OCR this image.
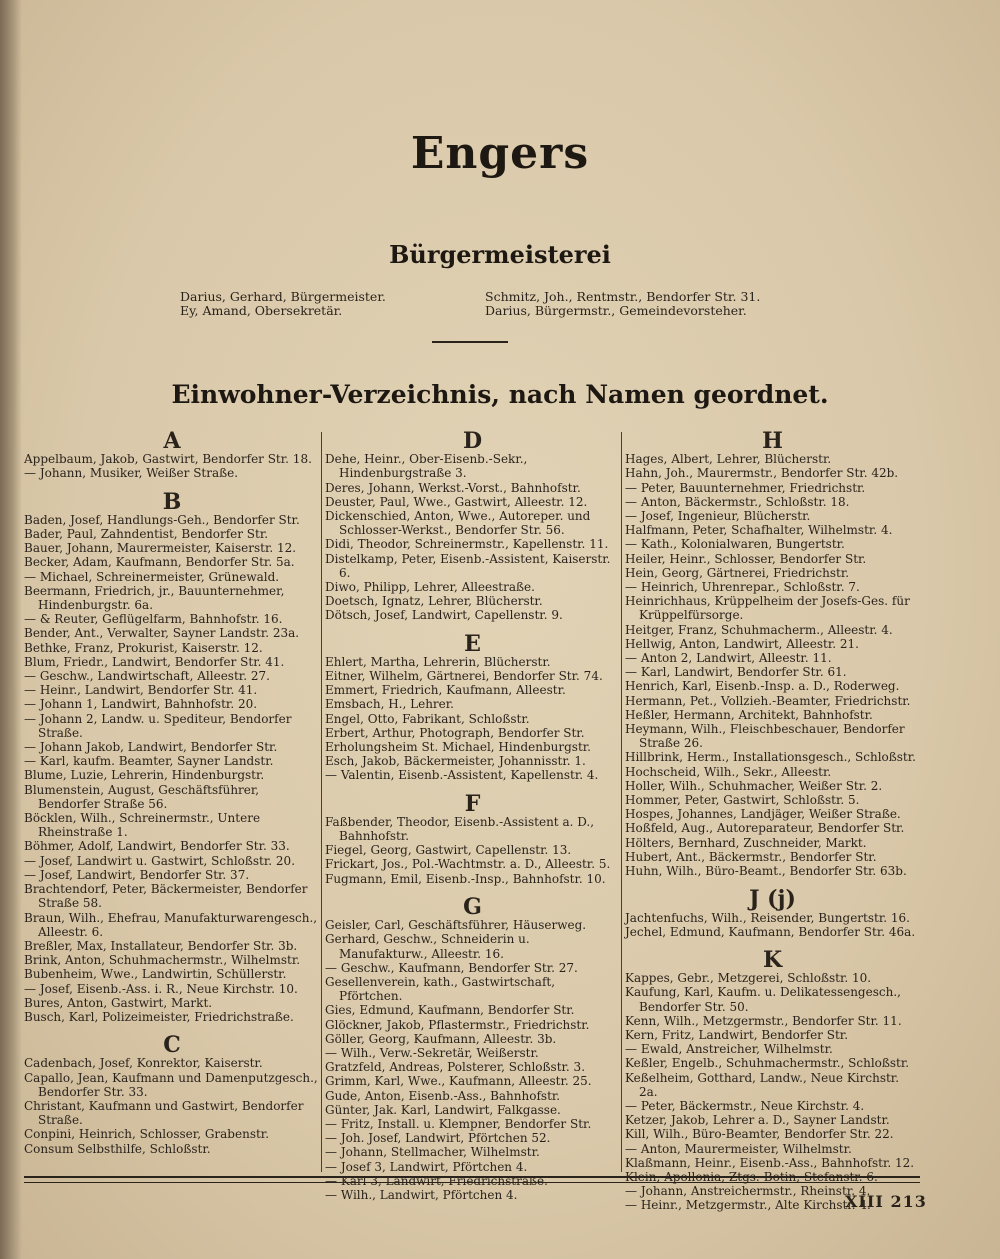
Engers
Bürgermeisterei
Darius, Gerhard, Bürgermeister.
Ey, Amand, Obersekretär.
Schmitz, Joh., Rentmstr., Bendorfer Str. 31.
Darius, Bürgermstr., Gemeindevorsteher.
Einwohner-Verzeichnis, nach Namen geordnet.
A
Appelbaum, Jakob, Gastwirt, Bendorfer Str. 18.
— Johann, Musiker, Weißer Straße.
B
Baden, Josef, Handlungs-Geh., Bendorfer Str.
Bader, Paul, Zahndentist, Bendorfer Str.
Bauer, Johann, Maurermeister, Kaiserstr. 12.
Becker, Adam, Kaufmann, Bendorfer Str. 5a.
— Michael, Schreinermeister, Grünewald.
Beermann, Friedrich, jr., Bauunternehmer, Hindenburgstr. 6a.
— & Reuter, Geflügelfarm, Bahnhofstr. 16.
Bender, Ant., Verwalter, Sayner Landstr. 23a.
Bethke, Franz, Prokurist, Kaiserstr. 12.
Blum, Friedr., Landwirt, Bendorfer Str. 41.
— Geschw., Landwirtschaft, Alleestr. 27.
— Heinr., Landwirt, Bendorfer Str. 41.
— Johann 1, Landwirt, Bahnhofstr. 20.
— Johann 2, Landw. u. Spediteur, Bendorfer Straße.
— Johann Jakob, Landwirt, Bendorfer Str.
— Karl, kaufm. Beamter, Sayner Landstr.
Blume, Luzie, Lehrerin, Hindenburgstr.
Blumenstein, August, Geschäftsführer, Bendorfer Straße 56.
Böcklen, Wilh., Schreinermstr., Untere Rheinstraße 1.
Böhmer, Adolf, Landwirt, Bendorfer Str. 33.
— Josef, Landwirt u. Gastwirt, Schloßstr. 20.
— Josef, Landwirt, Bendorfer Str. 37.
Brachtendorf, Peter, Bäckermeister, Bendorfer Straße 58.
Braun, Wilh., Ehefrau, Manufakturwarengesch., Alleestr. 6.
Breßler, Max, Installateur, Bendorfer Str. 3b.
Brink, Anton, Schuhmachermstr., Wilhelmstr.
Bubenheim, Wwe., Landwirtin, Schüllerstr.
— Josef, Eisenb.-Ass. i. R., Neue Kirchstr. 10.
Bures, Anton, Gastwirt, Markt.
Busch, Karl, Polizeimeister, Friedrichstraße.
C
Cadenbach, Josef, Konrektor, Kaiserstr.
Capallo, Jean, Kaufmann und Damenputzgesch., Bendorfer Str. 33.
Christant, Kaufmann und Gastwirt, Bendorfer Straße.
Conpini, Heinrich, Schlosser, Grabenstr.
Consum Selbsthilfe, Schloßstr.
D
Dehe, Heinr., Ober-Eisenb.-Sekr., Hindenburgstraße 3.
Deres, Johann, Werkst.-Vorst., Bahnhofstr.
Deuster, Paul, Wwe., Gastwirt, Alleestr. 12.
Dickenschied, Anton, Wwe., Autoreper. und Schlosser-Werkst., Bendorfer Str. 56.
Didi, Theodor, Schreinermstr., Kapellenstr. 11.
Distelkamp, Peter, Eisenb.-Assistent, Kaiserstr. 6.
Diwo, Philipp, Lehrer, Alleestraße.
Doetsch, Ignatz, Lehrer, Blücherstr.
Dötsch, Josef, Landwirt, Capellenstr. 9.
E
Ehlert, Martha, Lehrerin, Blücherstr.
Eitner, Wilhelm, Gärtnerei, Bendorfer Str. 74.
Emmert, Friedrich, Kaufmann, Alleestr.
Emsbach, H., Lehrer.
Engel, Otto, Fabrikant, Schloßstr.
Erbert, Arthur, Photograph, Bendorfer Str.
Erholungsheim St. Michael, Hindenburgstr.
Esch, Jakob, Bäckermeister, Johannisstr. 1.
— Valentin, Eisenb.-Assistent, Kapellenstr. 4.
F
Faßbender, Theodor, Eisenb.-Assistent a. D., Bahnhofstr.
Fiegel, Georg, Gastwirt, Capellenstr. 13.
Frickart, Jos., Pol.-Wachtmstr. a. D., Alleestr. 5.
Fugmann, Emil, Eisenb.-Insp., Bahnhofstr. 10.
G
Geisler, Carl, Geschäftsführer, Häuserweg.
Gerhard, Geschw., Schneiderin u. Manufakturw., Alleestr. 16.
— Geschw., Kaufmann, Bendorfer Str. 27.
Gesellenverein, kath., Gastwirtschaft, Pförtchen.
Gies, Edmund, Kaufmann, Bendorfer Str.
Glöckner, Jakob, Pflastermstr., Friedrichstr.
Göller, Georg, Kaufmann, Alleestr. 3b.
— Wilh., Verw.-Sekretär, Weißerstr.
Gratzfeld, Andreas, Polsterer, Schloßstr. 3.
Grimm, Karl, Wwe., Kaufmann, Alleestr. 25.
Gude, Anton, Eisenb.-Ass., Bahnhofstr.
Günter, Jak. Karl, Landwirt, Falkgasse.
— Fritz, Install. u. Klempner, Bendorfer Str.
— Joh. Josef, Landwirt, Pförtchen 52.
— Johann, Stellmacher, Wilhelmstr.
— Josef 3, Landwirt, Pförtchen 4.
— Karl 3, Landwirt, Friedrichstraße.
— Wilh., Landwirt, Pförtchen 4.
H
Hages, Albert, Lehrer, Blücherstr.
Hahn, Joh., Maurermstr., Bendorfer Str. 42b.
— Peter, Bauunternehmer, Friedrichstr.
— Anton, Bäckermstr., Schloßstr. 18.
— Josef, Ingenieur, Blücherstr.
Halfmann, Peter, Schafhalter, Wilhelmstr. 4.
— Kath., Kolonialwaren, Bungertstr.
Heiler, Heinr., Schlosser, Bendorfer Str.
Hein, Georg, Gärtnerei, Friedrichstr.
— Heinrich, Uhrenrepar., Schloßstr. 7.
Heinrichhaus, Krüppelheim der Josefs-Ges. für Krüppelfürsorge.
Heitger, Franz, Schuhmacherm., Alleestr. 4.
Hellwig, Anton, Landwirt, Alleestr. 21.
— Anton 2, Landwirt, Alleestr. 11.
— Karl, Landwirt, Bendorfer Str. 61.
Henrich, Karl, Eisenb.-Insp. a. D., Roderweg.
Hermann, Pet., Vollzieh.-Beamter, Friedrichstr.
Heßler, Hermann, Architekt, Bahnhofstr.
Heymann, Wilh., Fleischbeschauer, Bendorfer Straße 26.
Hillbrink, Herm., Installationsgesch., Schloßstr.
Hochscheid, Wilh., Sekr., Alleestr.
Holler, Wilh., Schuhmacher, Weißer Str. 2.
Hommer, Peter, Gastwirt, Schloßstr. 5.
Hospes, Johannes, Landjäger, Weißer Straße.
Hoßfeld, Aug., Autoreparateur, Bendorfer Str.
Hölters, Bernhard, Zuschneider, Markt.
Hubert, Ant., Bäckermstr., Bendorfer Str.
Huhn, Wilh., Büro-Beamt., Bendorfer Str. 63b.
J (j)
Jachtenfuchs, Wilh., Reisender, Bungertstr. 16.
Jechel, Edmund, Kaufmann, Bendorfer Str. 46a.
K
Kappes, Gebr., Metzgerei, Schloßstr. 10.
Kaufung, Karl, Kaufm. u. Delikatessengesch., Bendorfer Str. 50.
Kenn, Wilh., Metzgermstr., Bendorfer Str. 11.
Kern, Fritz, Landwirt, Bendorfer Str.
— Ewald, Anstreicher, Wilhelmstr.
Keßler, Engelb., Schuhmachermstr., Schloßstr.
Keßelheim, Gotthard, Landw., Neue Kirchstr. 2a.
— Peter, Bäckermstr., Neue Kirchstr. 4.
Ketzer, Jakob, Lehrer a. D., Sayner Landstr.
Kill, Wilh., Büro-Beamter, Bendorfer Str. 22.
— Anton, Maurermeister, Wilhelmstr.
Klaßmann, Heinr., Eisenb.-Ass., Bahnhofstr. 12.
Klein, Apollonia, Ztgs.-Botin, Stefanstr. 6.
— Johann, Anstreichermstr., Rheinstr. 4.
— Heinr., Metzgermstr., Alte Kirchstr. 4.
XIII 213
